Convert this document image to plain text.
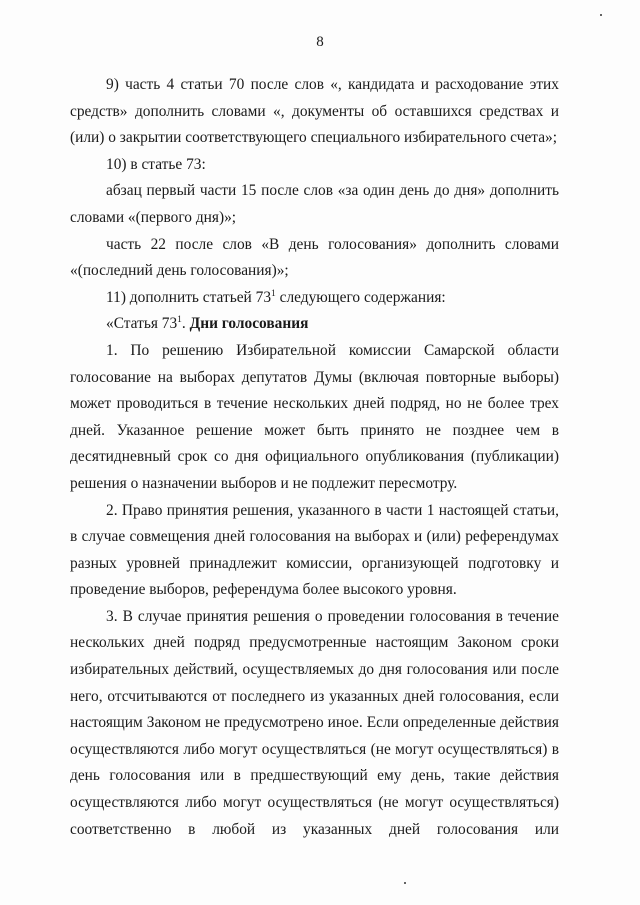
8

9) часть 4 статьи 70 после слов «, кандидата и расходование этих средств» дополнить словами «, документы об оставшихся средствах и (или) о закрытии соответствующего специального избирательного счета»;

10) в статье 73:

абзац первый части 15 после слов «за один день до дня» дополнить словами «(первого дня)»;

часть 22 после слов «В день голосования» дополнить словами «(последний день голосования)»;

11) дополнить статьей $73^1$ следующего содержания:

«Статья $73^1$. Дни голосования

1. По решению Избирательной комиссии Самарской области голосование на выборах депутатов Думы (включая повторные выборы) может проводиться в течение нескольких дней подряд, но не более трех дней. Указанное решение может быть принято не позднее чем в десятидневный срок со дня официального опубликования (публикации) решения о назначении выборов и не подлежит пересмотру.

2. Право принятия решения, указанного в части 1 настоящей статьи, в случае совмещения дней голосования на выборах и (или) референдумах разных уровней принадлежит комиссии, организующей подготовку и проведение выборов, референдума более высокого уровня.

3. В случае принятия решения о проведении голосования в течение нескольких дней подряд предусмотренные настоящим Законом сроки избирательных действий, осуществляемых до дня голосования или после него, отсчитываются от последнего из указанных дней голосования, если настоящим Законом не предусмотрено иное. Если определенные действия осуществляются либо могут осуществляться (не могут осуществляться) в день голосования или в предшествующий ему день, такие действия осуществляются либо могут осуществляться (не могут осуществляться) соответственно в любой из указанных дней голосования или
